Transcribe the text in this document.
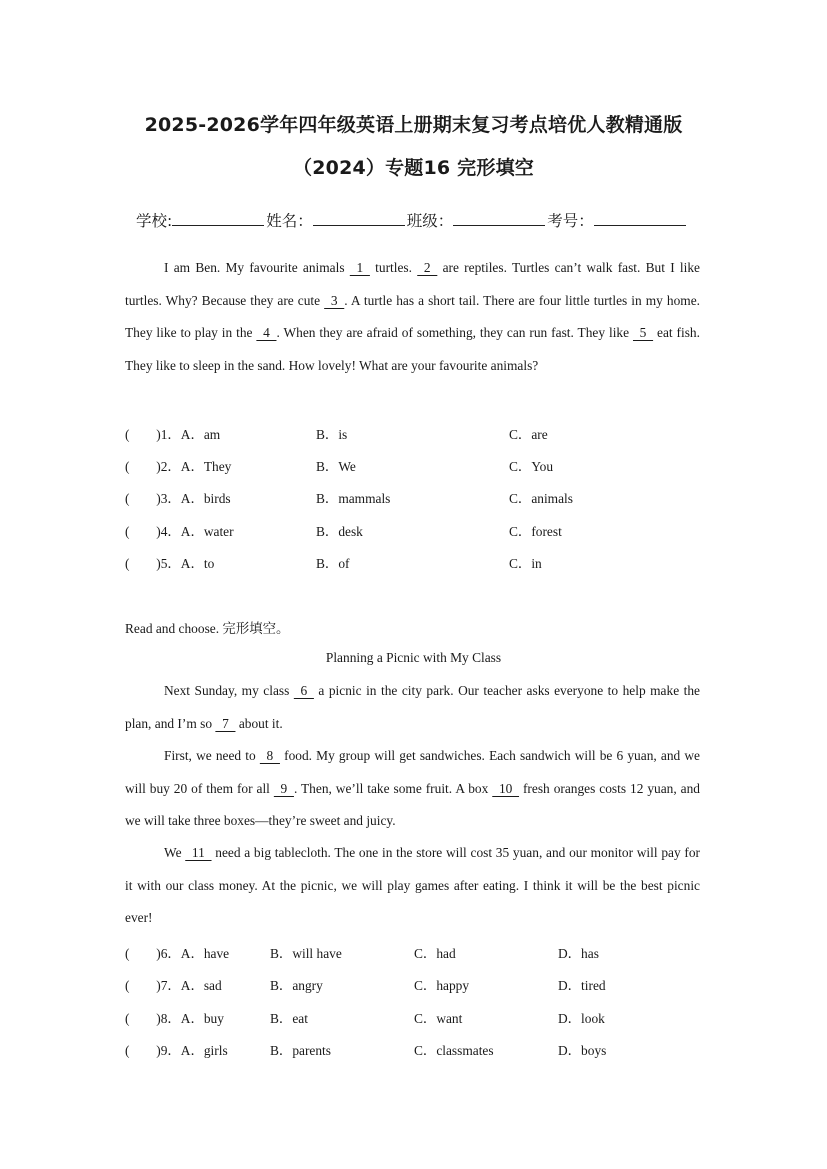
2025-2026学年四年级英语上册期末复习考点培优人教精通版
（2024）专题16 完形填空
学校:	姓名：	班级：	考号：
I am Ben. My favourite animals   1   turtles.   2   are reptiles. Turtles can’t walk fast. But I like turtles. Why? Because they are cute   3  . A turtle has a short tail. There are four little turtles in my home. They like to play in the   4  . When they are afraid of something, they can run fast. They like   5   eat fish. They like to sleep in the sand. How lovely! What are your favourite animals?
(　　)1．A．am	B．is	C．are
(　　)2．A．They	B．We	C．You
(　　)3．A．birds	B．mammals	C．animals
(　　)4．A．water	B．desk	C．forest
(　　)5．A．to	B．of	C．in
Read and choose. 完形填空。
Planning a Picnic with My Class
Next Sunday, my class   6   a picnic in the city park. Our teacher asks everyone to help make the plan, and I’m so   7   about it.
First, we need to   8   food. My group will get sandwiches. Each sandwich will be 6 yuan, and we will buy 20 of them for all   9  . Then, we’ll take some fruit. A box   10   fresh oranges costs 12 yuan, and we will take three boxes—they’re sweet and juicy.
We   11   need a big tablecloth. The one in the store will cost 35 yuan, and our monitor will pay for it with our class money. At the picnic, we will play games after eating. I think it will be the best picnic ever!
(　　)6．A．have	B．will have	C．had	D．has
(　　)7．A．sad	B．angry	C．happy	D．tired
(　　)8．A．buy	B．eat	C．want	D．look
(　　)9．A．girls	B．parents	C．classmates	D．boys
